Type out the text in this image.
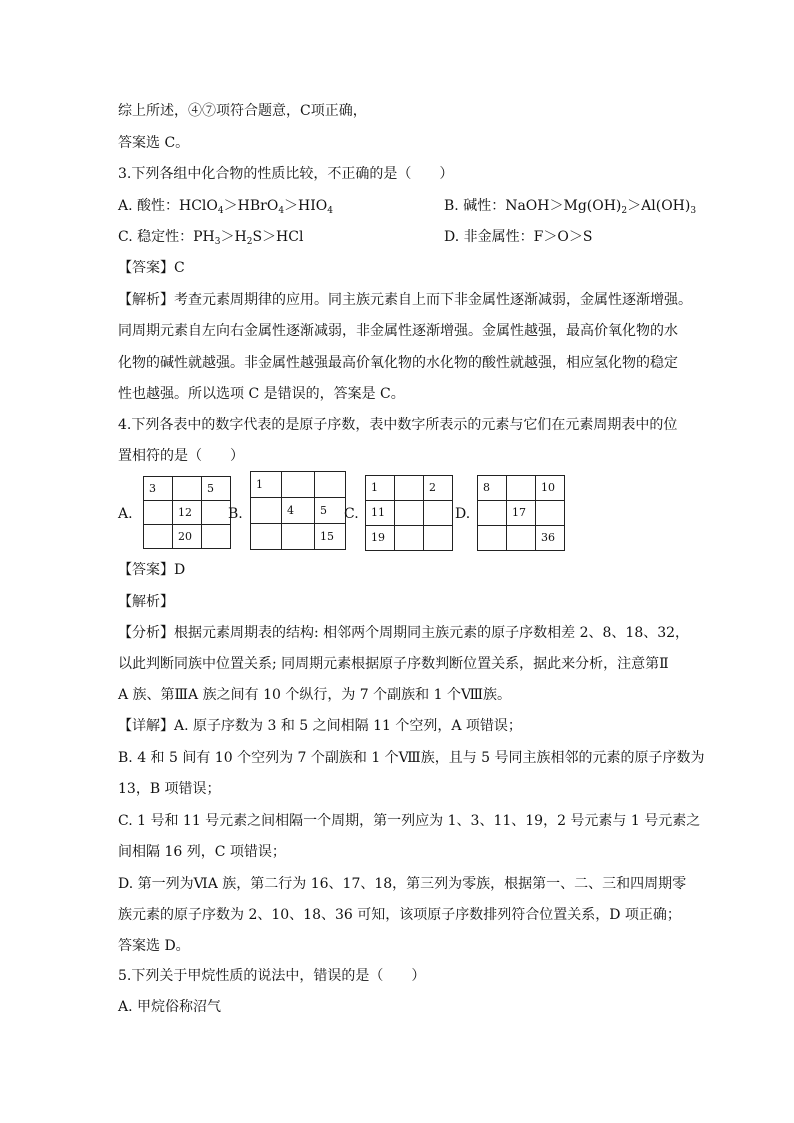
综上所述，④⑦项符合题意，C项正确，
答案选 C。
3.下列各组中化合物的性质比较，不正确的是（　　）
A. 酸性：$HClO_4>HBrO_4>HIO_4$	B. 碱性：$NaOH>Mg(OH)_2>Al(OH)_3$
C. 稳定性：$PH_3>H_2S>HCl$	D. 非金属性：F＞O＞S
【答案】C
【解析】考查元素周期律的应用。同主族元素自上而下非金属性逐渐减弱，金属性逐渐增强。
同周期元素自左向右金属性逐渐减弱，非金属性逐渐增强。金属性越强，最高价氧化物的水
化物的碱性就越强。非金属性越强最高价氧化物的水化物的酸性就越强，相应氢化物的稳定
性也越强。所以选项 C 是错误的，答案是 C。
4.下列各表中的数字代表的是原子序数，表中数字所表示的元素与它们在元素周期表中的位
置相符的是（　　）
A.
3		5
	12	
	20	
B.
1		
	4	5
		15
C.
1		2
11		
19		
D.
8		10
	17	
		36
【答案】D
【解析】
【分析】根据元素周期表的结构: 相邻两个周期同主族元素的原子序数相差 2、8、18、32，
以此判断同族中位置关系; 同周期元素根据原子序数判断位置关系，据此来分析，注意第Ⅱ
A 族、第ⅢA 族之间有 10 个纵行，为 7 个副族和 1 个Ⅷ族。
【详解】A. 原子序数为 3 和 5 之间相隔 11 个空列，A 项错误；
B. 4 和 5 间有 10 个空列为 7 个副族和 1 个Ⅷ族，且与 5 号同主族相邻的元素的原子序数为
13，B 项错误；
C. 1 号和 11 号元素之间相隔一个周期，第一列应为 1、3、11、19，2 号元素与 1 号元素之
间相隔 16 列，C 项错误；
D. 第一列为ⅥA 族，第二行为 16、17、18，第三列为零族，根据第一、二、三和四周期零
族元素的原子序数为 2、10、18、36 可知，该项原子序数排列符合位置关系，D 项正确；
答案选 D。
5.下列关于甲烷性质的说法中，错误的是（　　）
A. 甲烷俗称沼气
